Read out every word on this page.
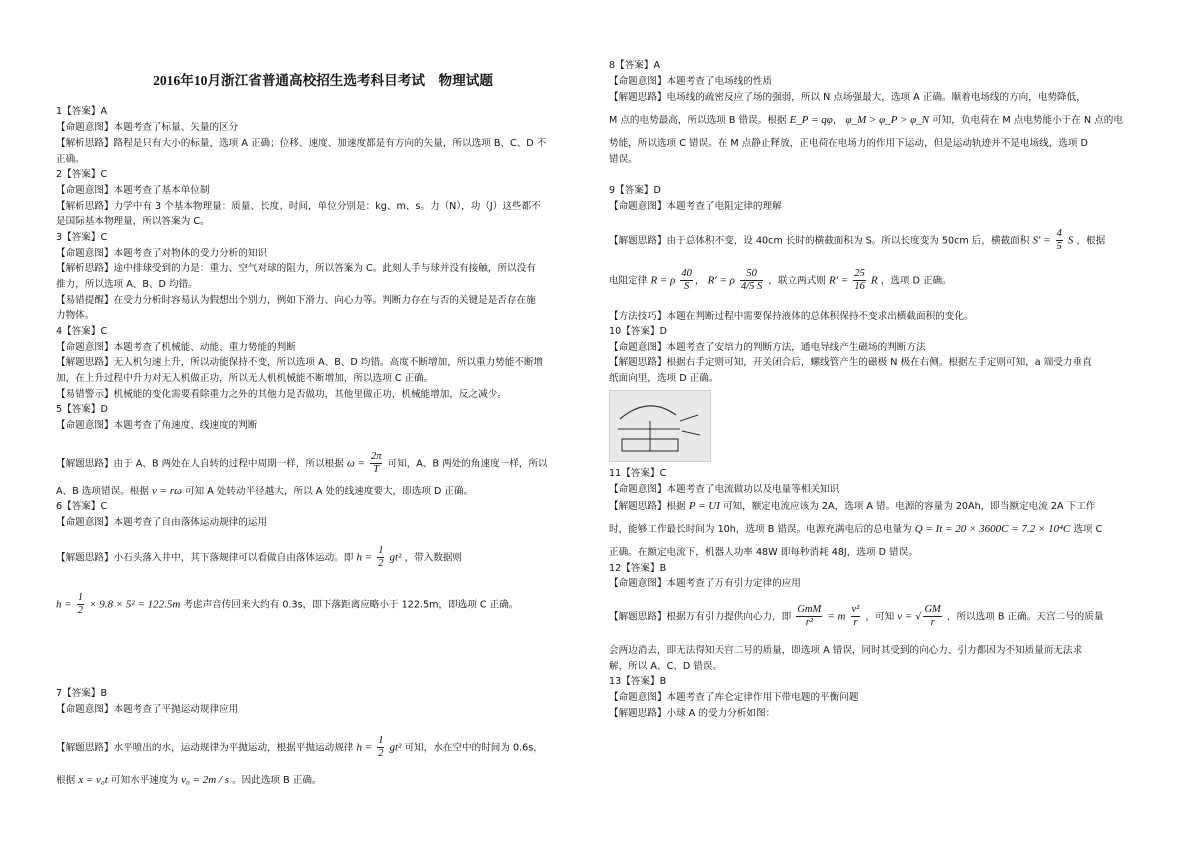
2016年10月浙江省普通高校招生选考科目考试　物理试题
1【答案】A
【命题意图】本题考查了标量、矢量的区分
【解析思路】路程是只有大小的标量，选项 A 正确；位移、速度、加速度都是有方向的矢量，所以选项 B、C、D 不
正确。
2【答案】C
【命题意图】本题考查了基本单位制
【解析思路】力学中有 3 个基本物理量：质量、长度、时间，单位分别是：kg、m、s。力（N），功（J）这些都不
是国际基本物理量，所以答案为 C。
3【答案】C
【命题意图】本题考查了对物体的受力分析的知识
【解析思路】途中排球受到的力是：重力、空气对球的阻力，所以答案为 C。此刻人手与球并没有接触，所以没有
推力，所以选项 A、B、D 均错。
【易错提醒】在受力分析时容易认为假想出个别力，例如下滑力、向心力等。判断力存在与否的关键是是否存在施
力物体。
4【答案】C
【命题意图】本题考查了机械能、动能、重力势能的判断
【解题思路】无人机匀速上升，所以动能保持不变，所以选项 A、B、D 均错。高度不断增加，所以重力势能不断增
加，在上升过程中升力对无人机做正功，所以无人机机械能不断增加，所以选项 C 正确。
【易错警示】机械能的变化需要看除重力之外的其他力是否做功，其他里做正功，机械能增加，反之减少。
5【答案】D
【命题意图】本题考查了角速度、线速度的判断
【解题思路】由于 A、B 两处在人自转的过程中周期一样，所以根据 $\omega = \frac{2\pi}{T}$ 可知，A、B 两处的角速度一样，所以
A、B 选项错误。根据 v = rω 可知 A 处转动半径越大，所以 A 处的线速度要大，即选项 D 正确。
6【答案】C
【命题意图】本题考查了自由落体运动规律的运用
【解题思路】小石头落入井中，其下落规律可以看做自由落体运动。即 $h = \frac{1}{2} gt^2$ ，带入数据则
$h = \frac{1}{2} \times 9.8 \times 5^2 = 122.5m$ 考虑声音传回来大约有 0.3s，即下落距离应略小于 122.5m，即选项 C 正确。
7【答案】B
【命题意图】本题考查了平抛运动规律应用
【解题思路】水平喷出的水，运动规律为平抛运动，根据平抛运动规律 $h = \frac{1}{2} gt^2$ 可知，水在空中的时间为 0.6s，
根据 x = v₀t 可知水平速度为 v₀ = 2m / s 。因此选项 B 正确。
8【答案】A
【命题意图】本题考查了电场线的性质
【解题思路】电场线的疏密反应了场的强弱，所以 N 点场强最大，选项 A 正确。顺着电场线的方向，电势降低，
M 点的电势最高，所以选项 B 错误。根据 E_P = qφ， φ_M > φ_P > φ_N 可知，负电荷在 M 点电势能小于在 N 点的电
势能，所以选项 C 错误。在 M 点静止释放，正电荷在电场力的作用下运动，但是运动轨迹并不是电场线，选项 D
错误。
9【答案】D
【命题意图】本题考查了电阻定律的理解
【解题思路】由于总体积不变，设 40cm 长时的横截面积为 S。所以长度变为 50cm 后，横截面积 $S' = \frac{4}{5}$ S ，根据
电阻定律 R = ρ $\frac{40}{S}$ ， R′ = ρ $\frac{50}{4/5 S}$ ，联立两式则 $R' = \frac{25}{16}$ R ，选项 D 正确。
【方法技巧】本题在判断过程中需要保持液体的总体积保持不变求出横截面积的变化。
10【答案】D
【命题意图】本题考查了安培力的判断方法，通电导线产生磁场的判断方法
【解题思路】根据右手定则可知，开关闭合后，螺线管产生的磁极 N 极在右侧。根据左手定则可知，a 端受力垂直
纸面向里，选项 D 正确。
11【答案】C
【命题意图】本题考查了电流做功以及电量等相关知识
【解题思路】根据 P = UI 可知，额定电流应该为 2A，选项 A 错。电源的容量为 20Ah，即当额定电流 2A 下工作
时，能够工作最长时间为 10h，选项 B 错误。电源充满电后的总电量为 Q = It = 20 × 3600C = 7.2 × 10⁴C 选项 C
正确。在额定电流下，机器人功率 48W 即每秒消耗 48J，选项 D 错误。
12【答案】B
【命题意图】本题考查了万有引力定律的应用
【解题思路】根据万有引力提供向心力，即 $\frac{\text{GmM}}{\text{r²}} = m \frac{\text{v²}}{r}$ ，可知 v = √ $\frac{GM}{r}$ ，所以选项 B 正确。天宫二号的质量
会两边消去，即无法得知天宫二号的质量，即选项 A 错误，同时其受到的向心力、引力都因为不知质量而无法求
解，所以 A、C、D 错误。
13【答案】B
【命题意图】本题考查了库仑定律作用下带电题的平衡问题
【解题思路】小球 A 的受力分析如图：
